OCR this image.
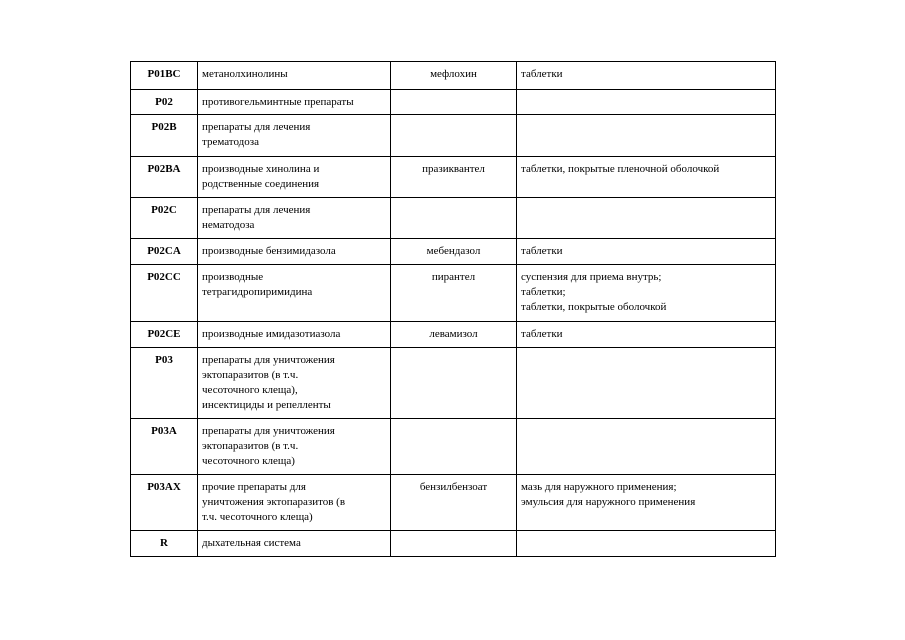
P01BC	метанолхинолины	мефлохин	таблетки
P02	противогельминтные препараты		
P02B	препараты для лечения
трематодоза		
P02BA	производные хинолина и
родственные соединения	празиквантел	таблетки, покрытые пленочной оболочкой
P02C	препараты для лечения
нематодоза		
P02CA	производные бензимидазола	мебендазол	таблетки
P02CC	производные
тетрагидропиримидина	пирантел	суспензия для приема внутрь;
таблетки;
таблетки, покрытые оболочкой
P02CE	производные имидазотиазола	левамизол	таблетки
P03	препараты для уничтожения
эктопаразитов (в т.ч.
чесоточного клеща),
инсектициды и репелленты		
P03A	препараты для уничтожения
эктопаразитов (в т.ч.
чесоточного клеща)		
P03AX	прочие препараты для
уничтожения эктопаразитов (в
т.ч. чесоточного клеща)	бензилбензоат	мазь для наружного применения;
эмульсия для наружного применения
R	дыхательная система		
